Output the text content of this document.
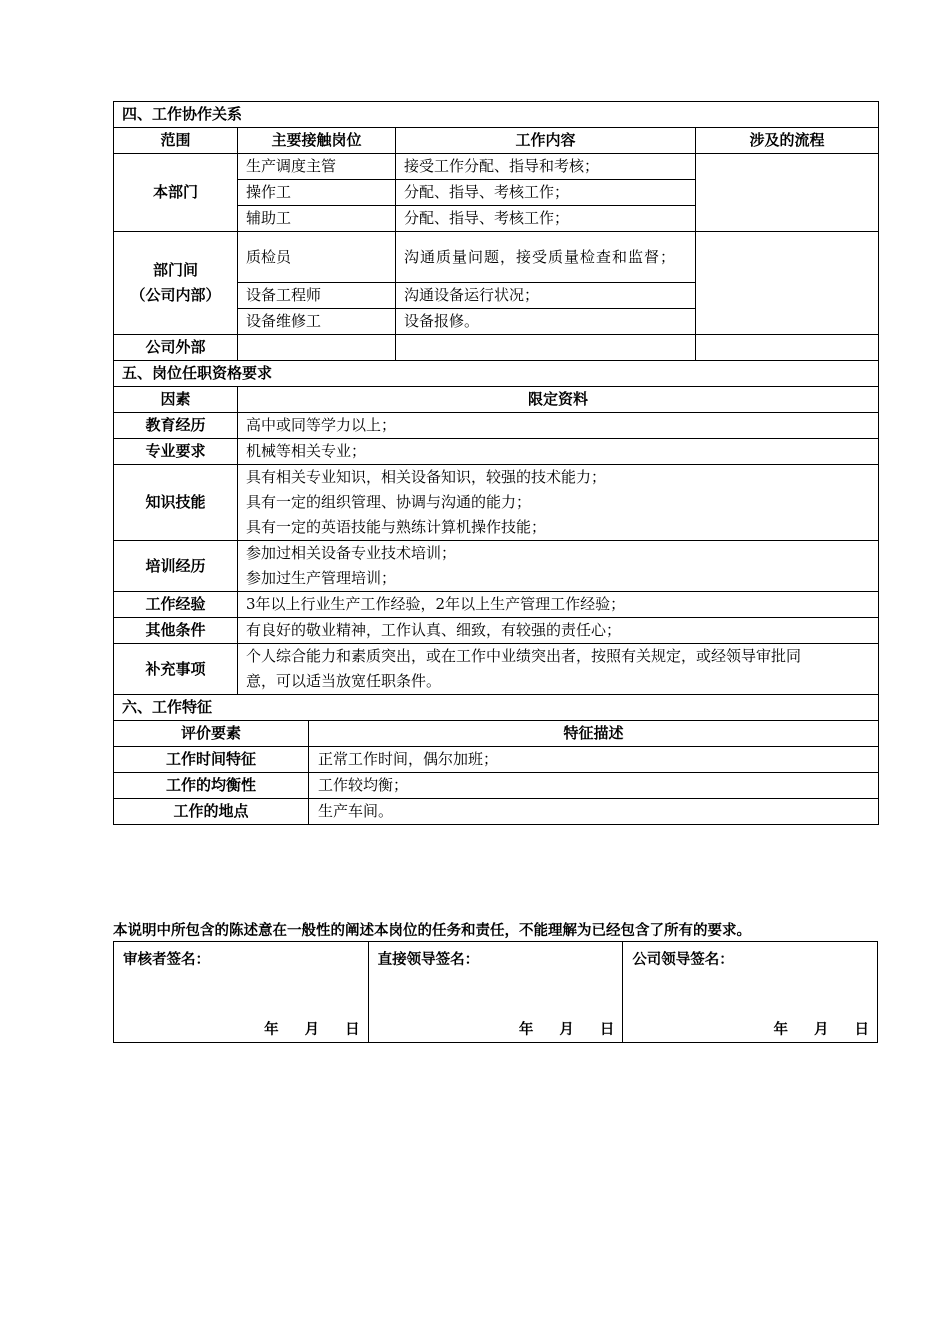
四、工作协作关系			
范围	主要接触岗位	工作内容	涉及的流程
本部门	生产调度主管	接受工作分配、指导和考核；	
	操作工	分配、指导、考核工作；	
	辅助工	分配、指导、考核工作；	

部门间
（公司内部）	质检员	沟通质量问题，接受质量检查和监督；	
	设备工程师	沟通设备运行状况；	
	设备维修工	设备报修。	
公司外部			
五、岗位任职资格要求			
因素	限定资料		
教育经历	高中或同等学力以上；		
专业要求	机械等相关专业；		
知识技能	具有相关专业知识，相关设备知识，较强的技术能力；
具有一定的组织管理、协调与沟通的能力；
具有一定的英语技能与熟练计算机操作技能；		

培训经历	参加过相关设备专业技术培训；
参加过生产管理培训；		

工作经验	3年以上行业生产工作经验，2年以上生产管理工作经验；		
其他条件	有良好的敬业精神，工作认真、细致，有较强的责任心；		
补充事项	个人综合能力和素质突出，或在工作中业绩突出者，按照有关规定，或经领导审批同
意，可以适当放宽任职条件。		
六、工作特征	
评价要素	特征描述
工作时间特征	正常工作时间，偶尔加班；
工作的均衡性	工作较均衡；
工作的地点	生产车间。
本说明中所包含的陈述意在一般性的阐述本岗位的任务和责任，不能理解为已经包含了所有的要求。
审核者签名：
年 月 日

直接领导签名：
年 月 日

公司领导签名：
年 月 日
